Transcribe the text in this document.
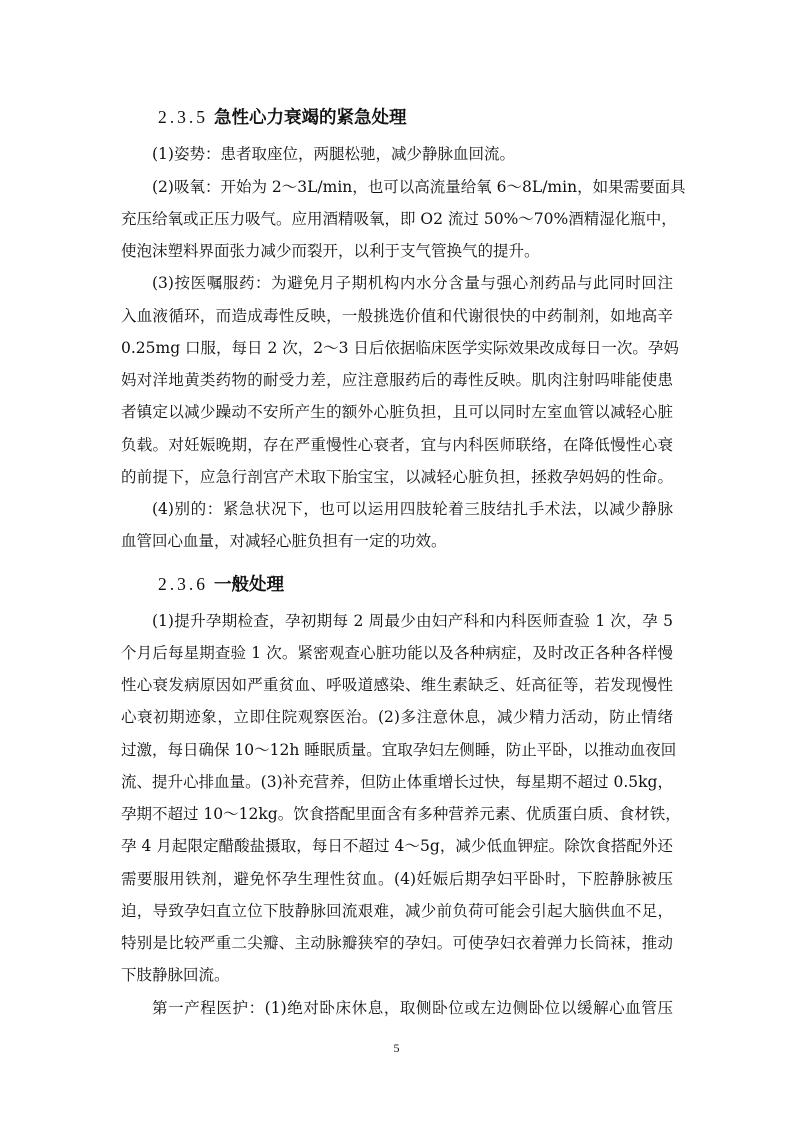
2.3.5 急性心力衰竭的紧急处理
(1)姿势：患者取座位，两腿松驰，减少静脉血回流。
(2)吸氧：开始为 2～3L/min，也可以高流量给氧 6～8L/min，如果需要面具
充压给氧或正压力吸气。应用酒精吸氧，即 O2 流过 50%～70%酒精湿化瓶中，
使泡沫塑料界面张力减少而裂开，以利于支气管换气的提升。
(3)按医嘱服药：为避免月子期机构内水分含量与强心剂药品与此同时回注
入血液循环，而造成毒性反映，一般挑选价值和代谢很快的中药制剂，如地高辛
0.25mg 口服，每日 2 次，2～3 日后依据临床医学实际效果改成每日一次。孕妈
妈对洋地黄类药物的耐受力差，应注意服药后的毒性反映。肌肉注射吗啡能使患
者镇定以减少躁动不安所产生的额外心脏负担，且可以同时左室血管以减轻心脏
负载。对妊娠晚期，存在严重慢性心衰者，宜与内科医师联络，在降低慢性心衰
的前提下，应急行剖宫产术取下胎宝宝，以减轻心脏负担，拯救孕妈妈的性命。
(4)别的：紧急状况下，也可以运用四肢轮着三肢结扎手术法，以减少静脉
血管回心血量，对减轻心脏负担有一定的功效。
2.3.6 一般处理
(1)提升孕期检查，孕初期每 2 周最少由妇产科和内科医师查验 1 次，孕 5
个月后每星期查验 1 次。紧密观查心脏功能以及各种病症，及时改正各种各样慢
性心衰发病原因如严重贫血、呼吸道感染、维生素缺乏、妊高征等，若发现慢性
心衰初期迹象，立即住院观察医治。(2)多注意休息，减少精力活动，防止情绪
过激，每日确保 10～12h 睡眠质量。宜取孕妇左侧睡，防止平卧，以推动血夜回
流、提升心排血量。(3)补充营养，但防止体重增长过快，每星期不超过 0.5kg，
孕期不超过 10～12kg。饮食搭配里面含有多种营养元素、优质蛋白质、食材铁，
孕 4 月起限定醋酸盐摄取，每日不超过 4～5g，减少低血钾症。除饮食搭配外还
需要服用铁剂，避免怀孕生理性贫血。(4)妊娠后期孕妇平卧时，下腔静脉被压
迫，导致孕妇直立位下肢静脉回流艰难，减少前负荷可能会引起大脑供血不足，
特别是比较严重二尖瓣、主动脉瓣狭窄的孕妇。可使孕妇衣着弹力长筒袜，推动
下肢静脉回流。
第一产程医护：(1)绝对卧床休息，取侧卧位或左边侧卧位以缓解心血管压
5
